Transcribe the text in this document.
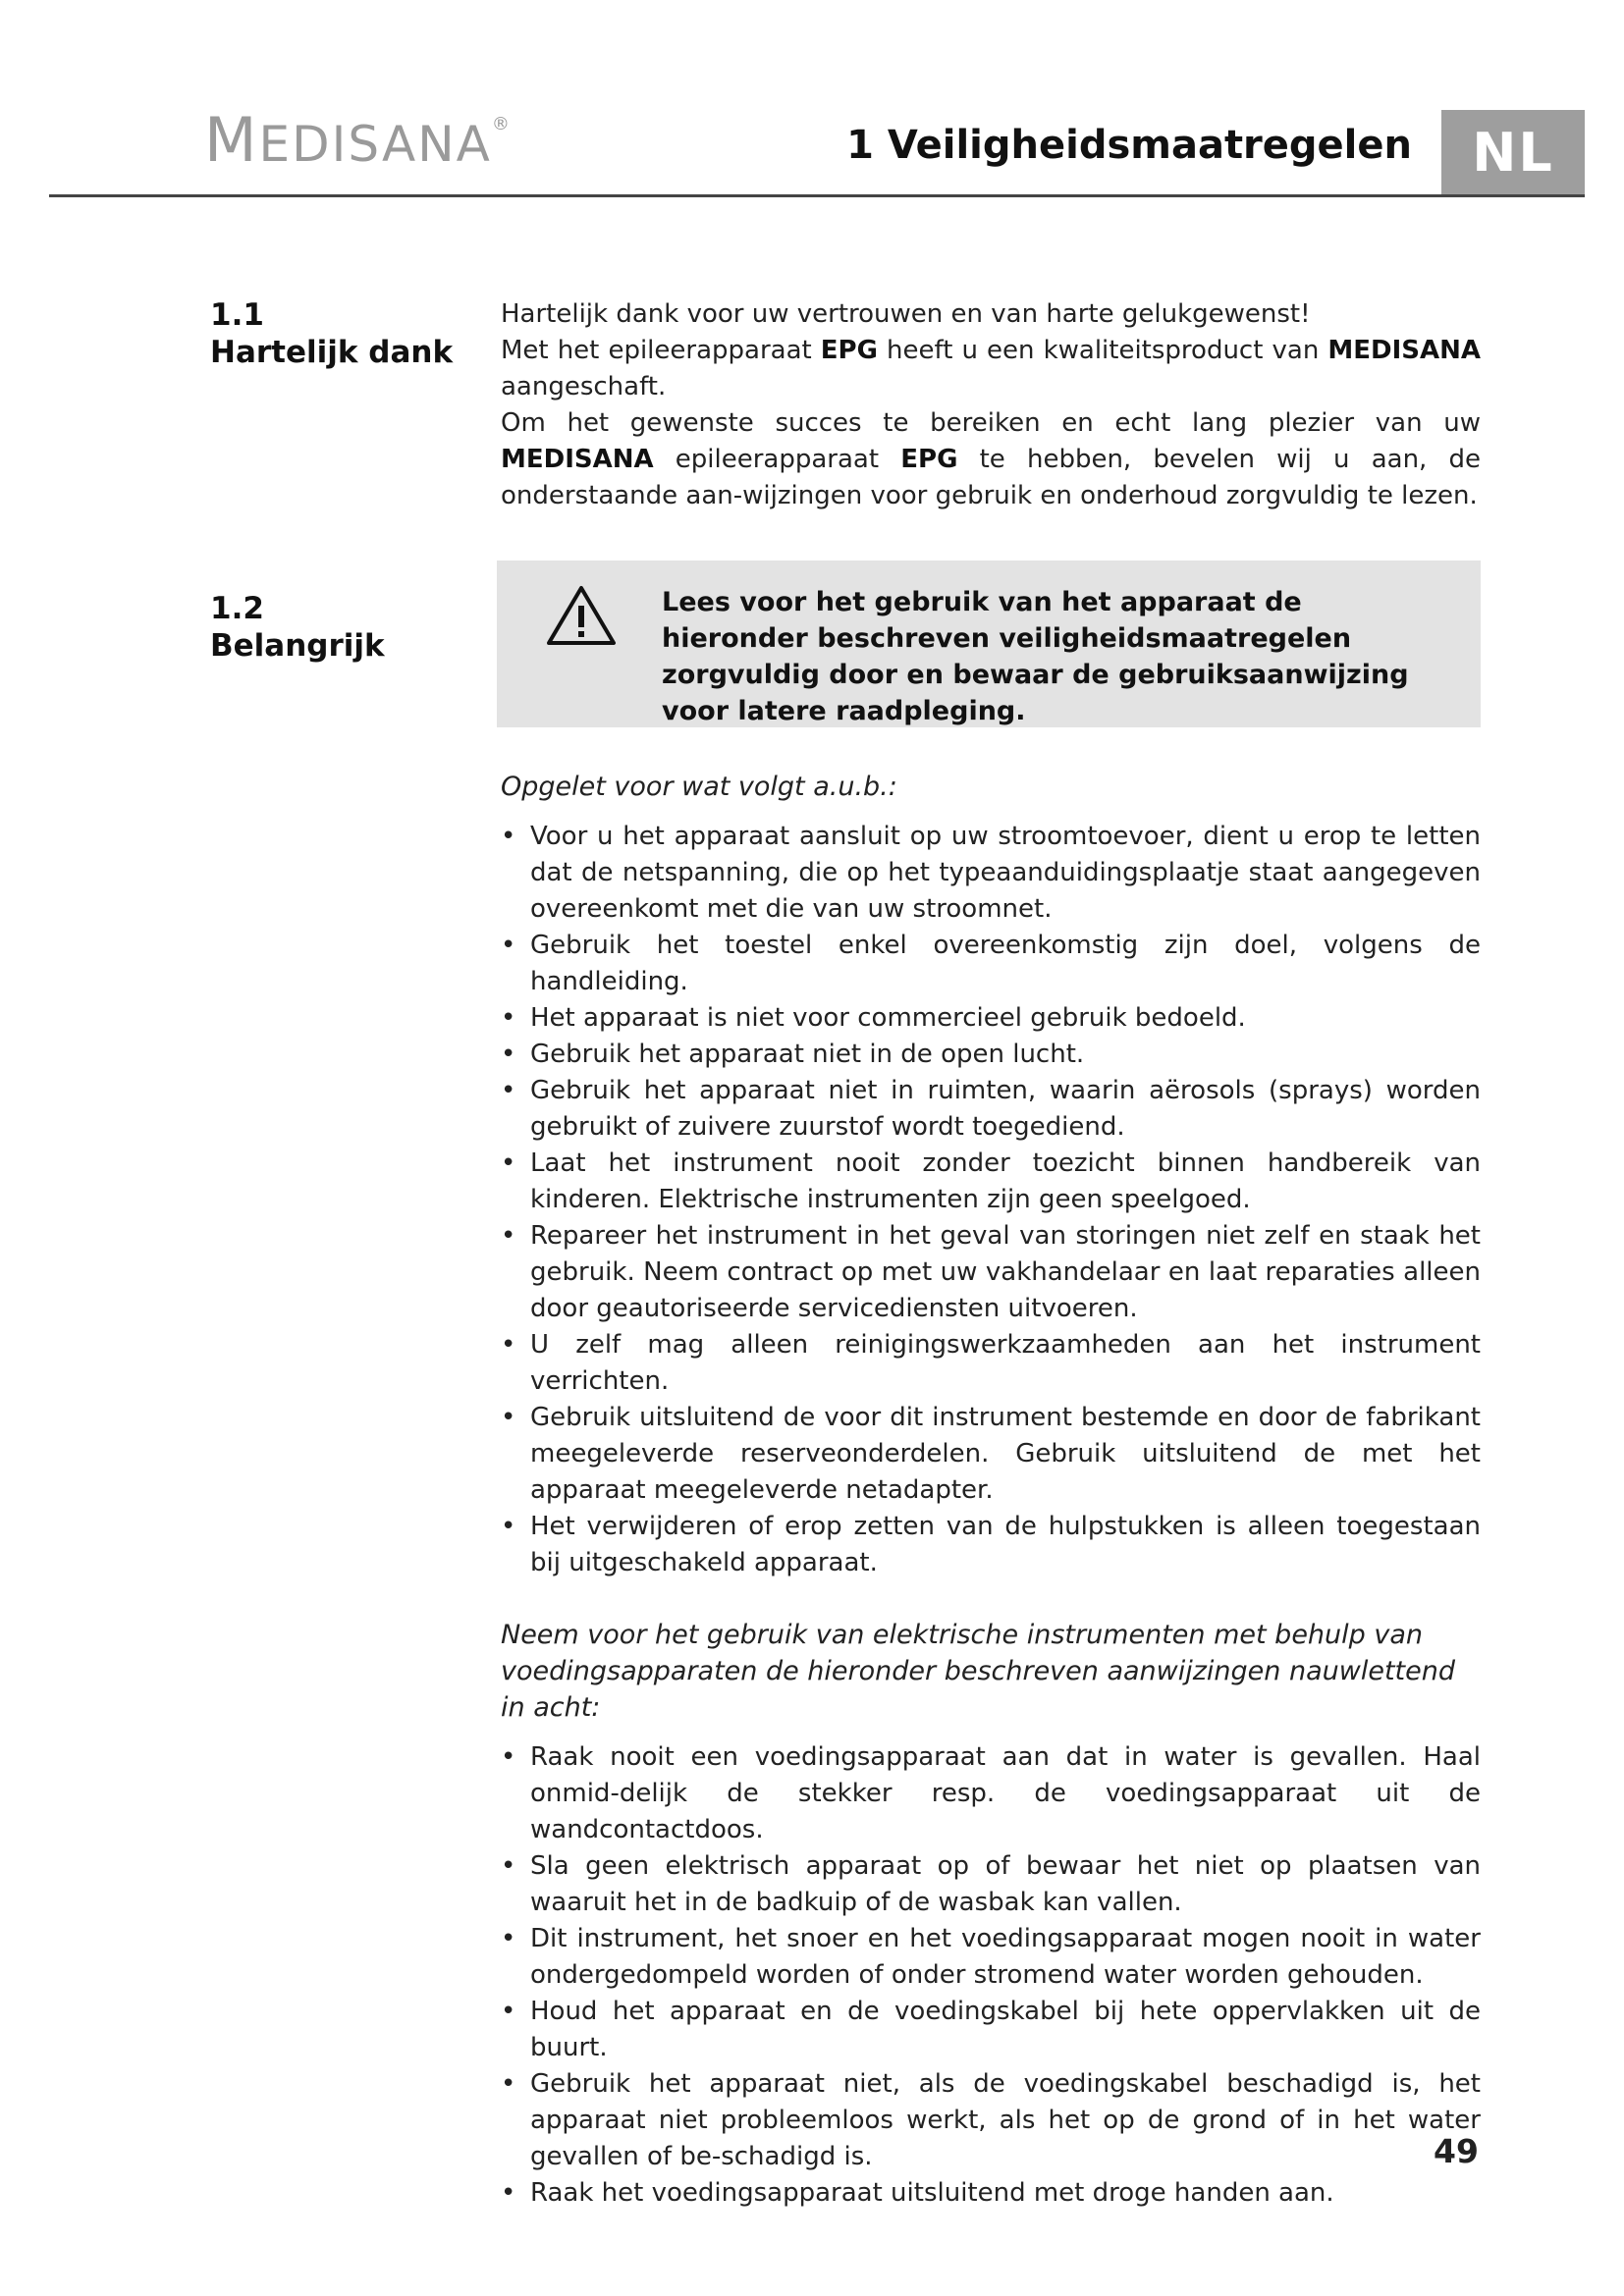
MEDISANA®	1 Veiligheidsmaatregelen	NL
1.1
Hartelijk dank

Hartelijk dank voor uw vertrouwen en van harte gelukgewenst!

Met het epileerapparaat EPG heeft u een kwaliteitsproduct van MEDISANA aangeschaft.

Om het gewenste succes te bereiken en echt lang plezier van uw MEDISANA epileerapparaat EPG te hebben, bevelen wij u aan, de onderstaande aan-wijzingen voor gebruik en onderhoud zorgvuldig te lezen.

1.2
Belangrijk
Lees voor het gebruik van het apparaat de hieronder beschreven veiligheidsmaatregelen zorgvuldig door en bewaar de gebruiksaanwijzing voor latere raadpleging.
Opgelet voor wat volgt a.u.b.:
• Voor u het apparaat aansluit op uw stroomtoevoer, dient u erop te letten dat de netspanning, die op het typeaanduidingsplaatje staat aangegeven overeenkomt met die van uw stroomnet.
• Gebruik het toestel enkel overeenkomstig zijn doel, volgens de handleiding.
• Het apparaat is niet voor commercieel gebruik bedoeld.
• Gebruik het apparaat niet in de open lucht.
• Gebruik het apparaat niet in ruimten, waarin aërosols (sprays) worden gebruikt of zuivere zuurstof wordt toegediend.
• Laat het instrument nooit zonder toezicht binnen handbereik van kinderen. Elektrische instrumenten zijn geen speelgoed.
• Repareer het instrument in het geval van storingen niet zelf en staak het gebruik. Neem contract op met uw vakhandelaar en laat reparaties alleen door geautoriseerde servicediensten uitvoeren.
• U zelf mag alleen reinigingswerkzaamheden aan het instrument verrichten.
• Gebruik uitsluitend de voor dit instrument bestemde en door de fabrikant meegeleverde reserveonderdelen. Gebruik uitsluitend de met het apparaat meegeleverde netadapter.
• Het verwijderen of erop zetten van de hulpstukken is alleen toegestaan bij uitgeschakeld apparaat.
Neem voor het gebruik van elektrische instrumenten met behulp van voedingsapparaten de hieronder beschreven aanwijzingen nauwlettend in acht:
• Raak nooit een voedingsapparaat aan dat in water is gevallen. Haal onmid-delijk de stekker resp. de voedingsapparaat uit de wandcontactdoos.
• Sla geen elektrisch apparaat op of bewaar het niet op plaatsen van waaruit het in de badkuip of de wasbak kan vallen.
• Dit instrument, het snoer en het voedingsapparaat mogen nooit in water ondergedompeld worden of onder stromend water worden gehouden.
• Houd het apparaat en de voedingskabel bij hete oppervlakken uit de buurt.
• Gebruik het apparaat niet, als de voedingskabel beschadigd is, het apparaat niet probleemloos werkt, als het op de grond of in het water gevallen of be-schadigd is.
• Raak het voedingsapparaat uitsluitend met droge handen aan.
49
